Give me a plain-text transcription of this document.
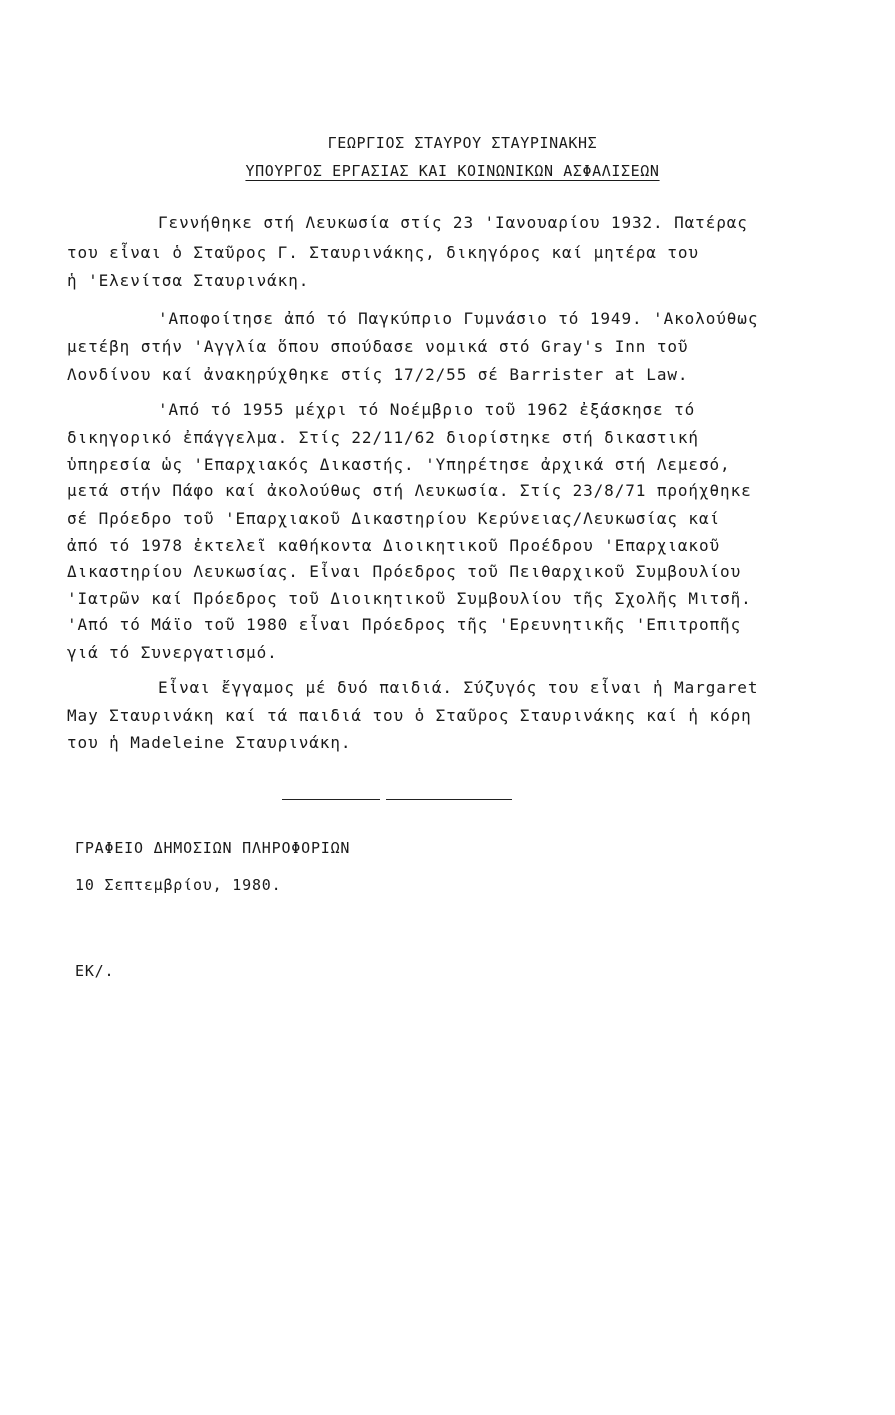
ΓΕΩΡΓΙΟΣ ΣΤΑΥΡΟΥ ΣΤΑΥΡΙΝΑΚΗΣ
ΥΠΟΥΡΓΟΣ ΕΡΓΑΣΙΑΣ ΚΑΙ ΚΟΙΝΩΝΙΚΩΝ ΑΣΦΑΛΙΣΕΩΝ
Γεννήθηκε στή Λευκωσία στίς 23 'Ιανουαρίου 1932. Πατέρας
του εἶναι ὁ Σταῦρος Γ. Σταυρινάκης, δικηγόρος καί μητέρα του
ἡ 'Ελενίτσα Σταυρινάκη.
'Αποφοίτησε ἀπό τό Παγκύπριο Γυμνάσιο τό 1949. 'Ακολούθως
μετέβη στήν 'Αγγλία ὅπου σπούδασε νομικά στό Gray's Inn τοῦ
Λονδίνου καί ἀνακηρύχθηκε στίς 17/2/55 σέ Barrister at Law.
'Από τό 1955 μέχρι τό Νοέμβριο τοῦ 1962 ἐξάσκησε τό
δικηγορικό ἐπάγγελμα. Στίς 22/11/62 διορίστηκε στή δικαστική
ὑπηρεσία ὡς 'Επαρχιακός Δικαστής. 'Υπηρέτησε ἀρχικά στή Λεμεσό,
μετά στήν Πάφο καί ἀκολούθως στή Λευκωσία. Στίς 23/8/71 προήχθηκε
σέ Πρόεδρο τοῦ 'Επαρχιακοῦ Δικαστηρίου Κερύνειας/Λευκωσίας καί
ἀπό τό 1978 ἐκτελεῖ καθήκοντα Διοικητικοῦ Προέδρου 'Επαρχιακοῦ
Δικαστηρίου Λευκωσίας. Εἶναι Πρόεδρος τοῦ Πειθαρχικοῦ Συμβουλίου
'Ιατρῶν καί Πρόεδρος τοῦ Διοικητικοῦ Συμβουλίου τῆς Σχολῆς Μιτσῆ.
'Από τό Μάϊο τοῦ 1980 εἶναι Πρόεδρος τῆς 'Ερευνητικῆς 'Επιτροπῆς
γιά τό Συνεργατισμό.
Εἶναι ἔγγαμος μέ δυό παιδιά. Σύζυγός του εἶναι ἡ Margaret
May Σταυρινάκη καί τά παιδιά του ὁ Σταῦρος Σταυρινάκης καί ἡ κόρη
του ἡ Madeleine Σταυρινάκη.
ΓΡΑΦΕΙΟ ΔΗΜΟΣΙΩΝ ΠΛΗΡΟΦΟΡΙΩΝ
10 Σεπτεμβρίου, 1980.
ΕΚ/.
